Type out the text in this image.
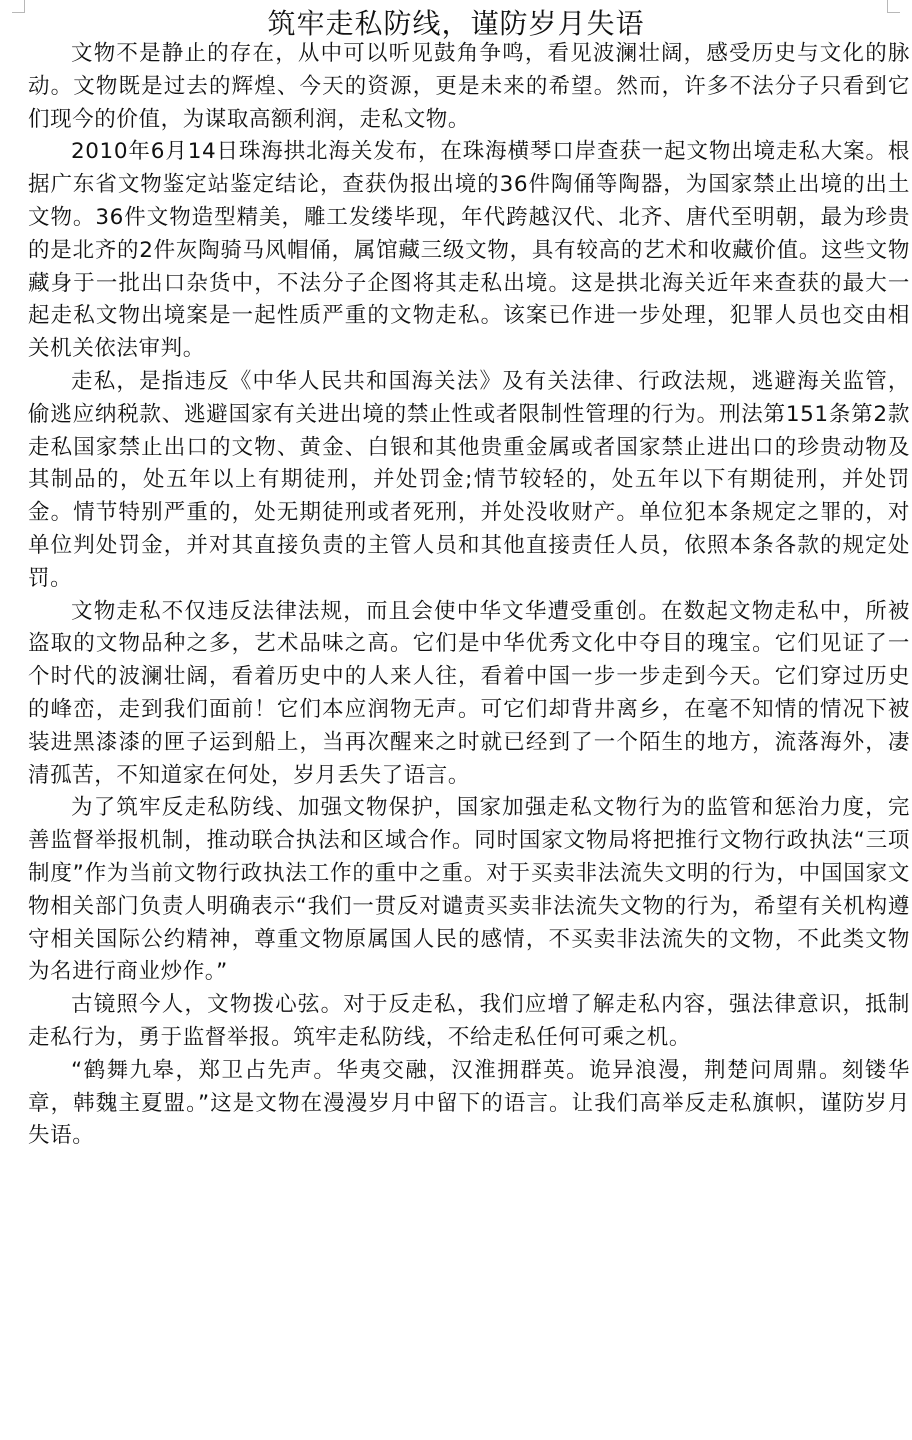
筑牢走私防线，谨防岁月失语

文物不是静止的存在，从中可以听见鼓角争鸣，看见波澜壮阔，感受历史与文化的脉动。文物既是过去的辉煌、今天的资源，更是未来的希望。然而，许多不法分子只看到它们现今的价值，为谋取高额利润，走私文物。

2010年6月14日珠海拱北海关发布，在珠海横琴口岸查获一起文物出境走私大案。根据广东省文物鉴定站鉴定结论，查获伪报出境的36件陶俑等陶器，为国家禁止出境的出土文物。36件文物造型精美，雕工发缕毕现，年代跨越汉代、北齐、唐代至明朝，最为珍贵的是北齐的2件灰陶骑马风帽俑，属馆藏三级文物，具有较高的艺术和收藏价值。这些文物藏身于一批出口杂货中，不法分子企图将其走私出境。这是拱北海关近年来查获的最大一起走私文物出境案是一起性质严重的文物走私。该案已作进一步处理，犯罪人员也交由相关机关依法审判。

走私，是指违反《中华人民共和国海关法》及有关法律、行政法规，逃避海关监管，偷逃应纳税款、逃避国家有关进出境的禁止性或者限制性管理的行为。刑法第151条第2款走私国家禁止出口的文物、黄金、白银和其他贵重金属或者国家禁止进出口的珍贵动物及其制品的，处五年以上有期徒刑，并处罚金;情节较轻的，处五年以下有期徒刑，并处罚金。情节特别严重的，处无期徒刑或者死刑，并处没收财产。单位犯本条规定之罪的，对单位判处罚金，并对其直接负责的主管人员和其他直接责任人员，依照本条各款的规定处罚。

文物走私不仅违反法律法规，而且会使中华文华遭受重创。在数起文物走私中，所被盗取的文物品种之多，艺术品味之高。它们是中华优秀文化中夺目的瑰宝。它们见证了一个时代的波澜壮阔，看着历史中的人来人往，看着中国一步一步走到今天。它们穿过历史的峰峦，走到我们面前！它们本应润物无声。可它们却背井离乡，在毫不知情的情况下被装进黑漆漆的匣子运到船上，当再次醒来之时就已经到了一个陌生的地方，流落海外，凄清孤苦，不知道家在何处，岁月丢失了语言。

为了筑牢反走私防线、加强文物保护，国家加强走私文物行为的监管和惩治力度，完善监督举报机制，推动联合执法和区域合作。同时国家文物局将把推行文物行政执法“三项制度”作为当前文物行政执法工作的重中之重。对于买卖非法流失文明的行为，中国国家文物相关部门负责人明确表示“我们一贯反对谴责买卖非法流失文物的行为，希望有关机构遵守相关国际公约精神，尊重文物原属国人民的感情，不买卖非法流失的文物，不此类文物为名进行商业炒作。”

古镜照今人，文物拨心弦。对于反走私，我们应增了解走私内容，强法律意识，抵制走私行为，勇于监督举报。筑牢走私防线，不给走私任何可乘之机。

“鹤舞九皋，郑卫占先声。华夷交融，汉淮拥群英。诡异浪漫，荆楚问周鼎。刻镂华章，韩魏主夏盟。”这是文物在漫漫岁月中留下的语言。让我们高举反走私旗帜，谨防岁月失语。
